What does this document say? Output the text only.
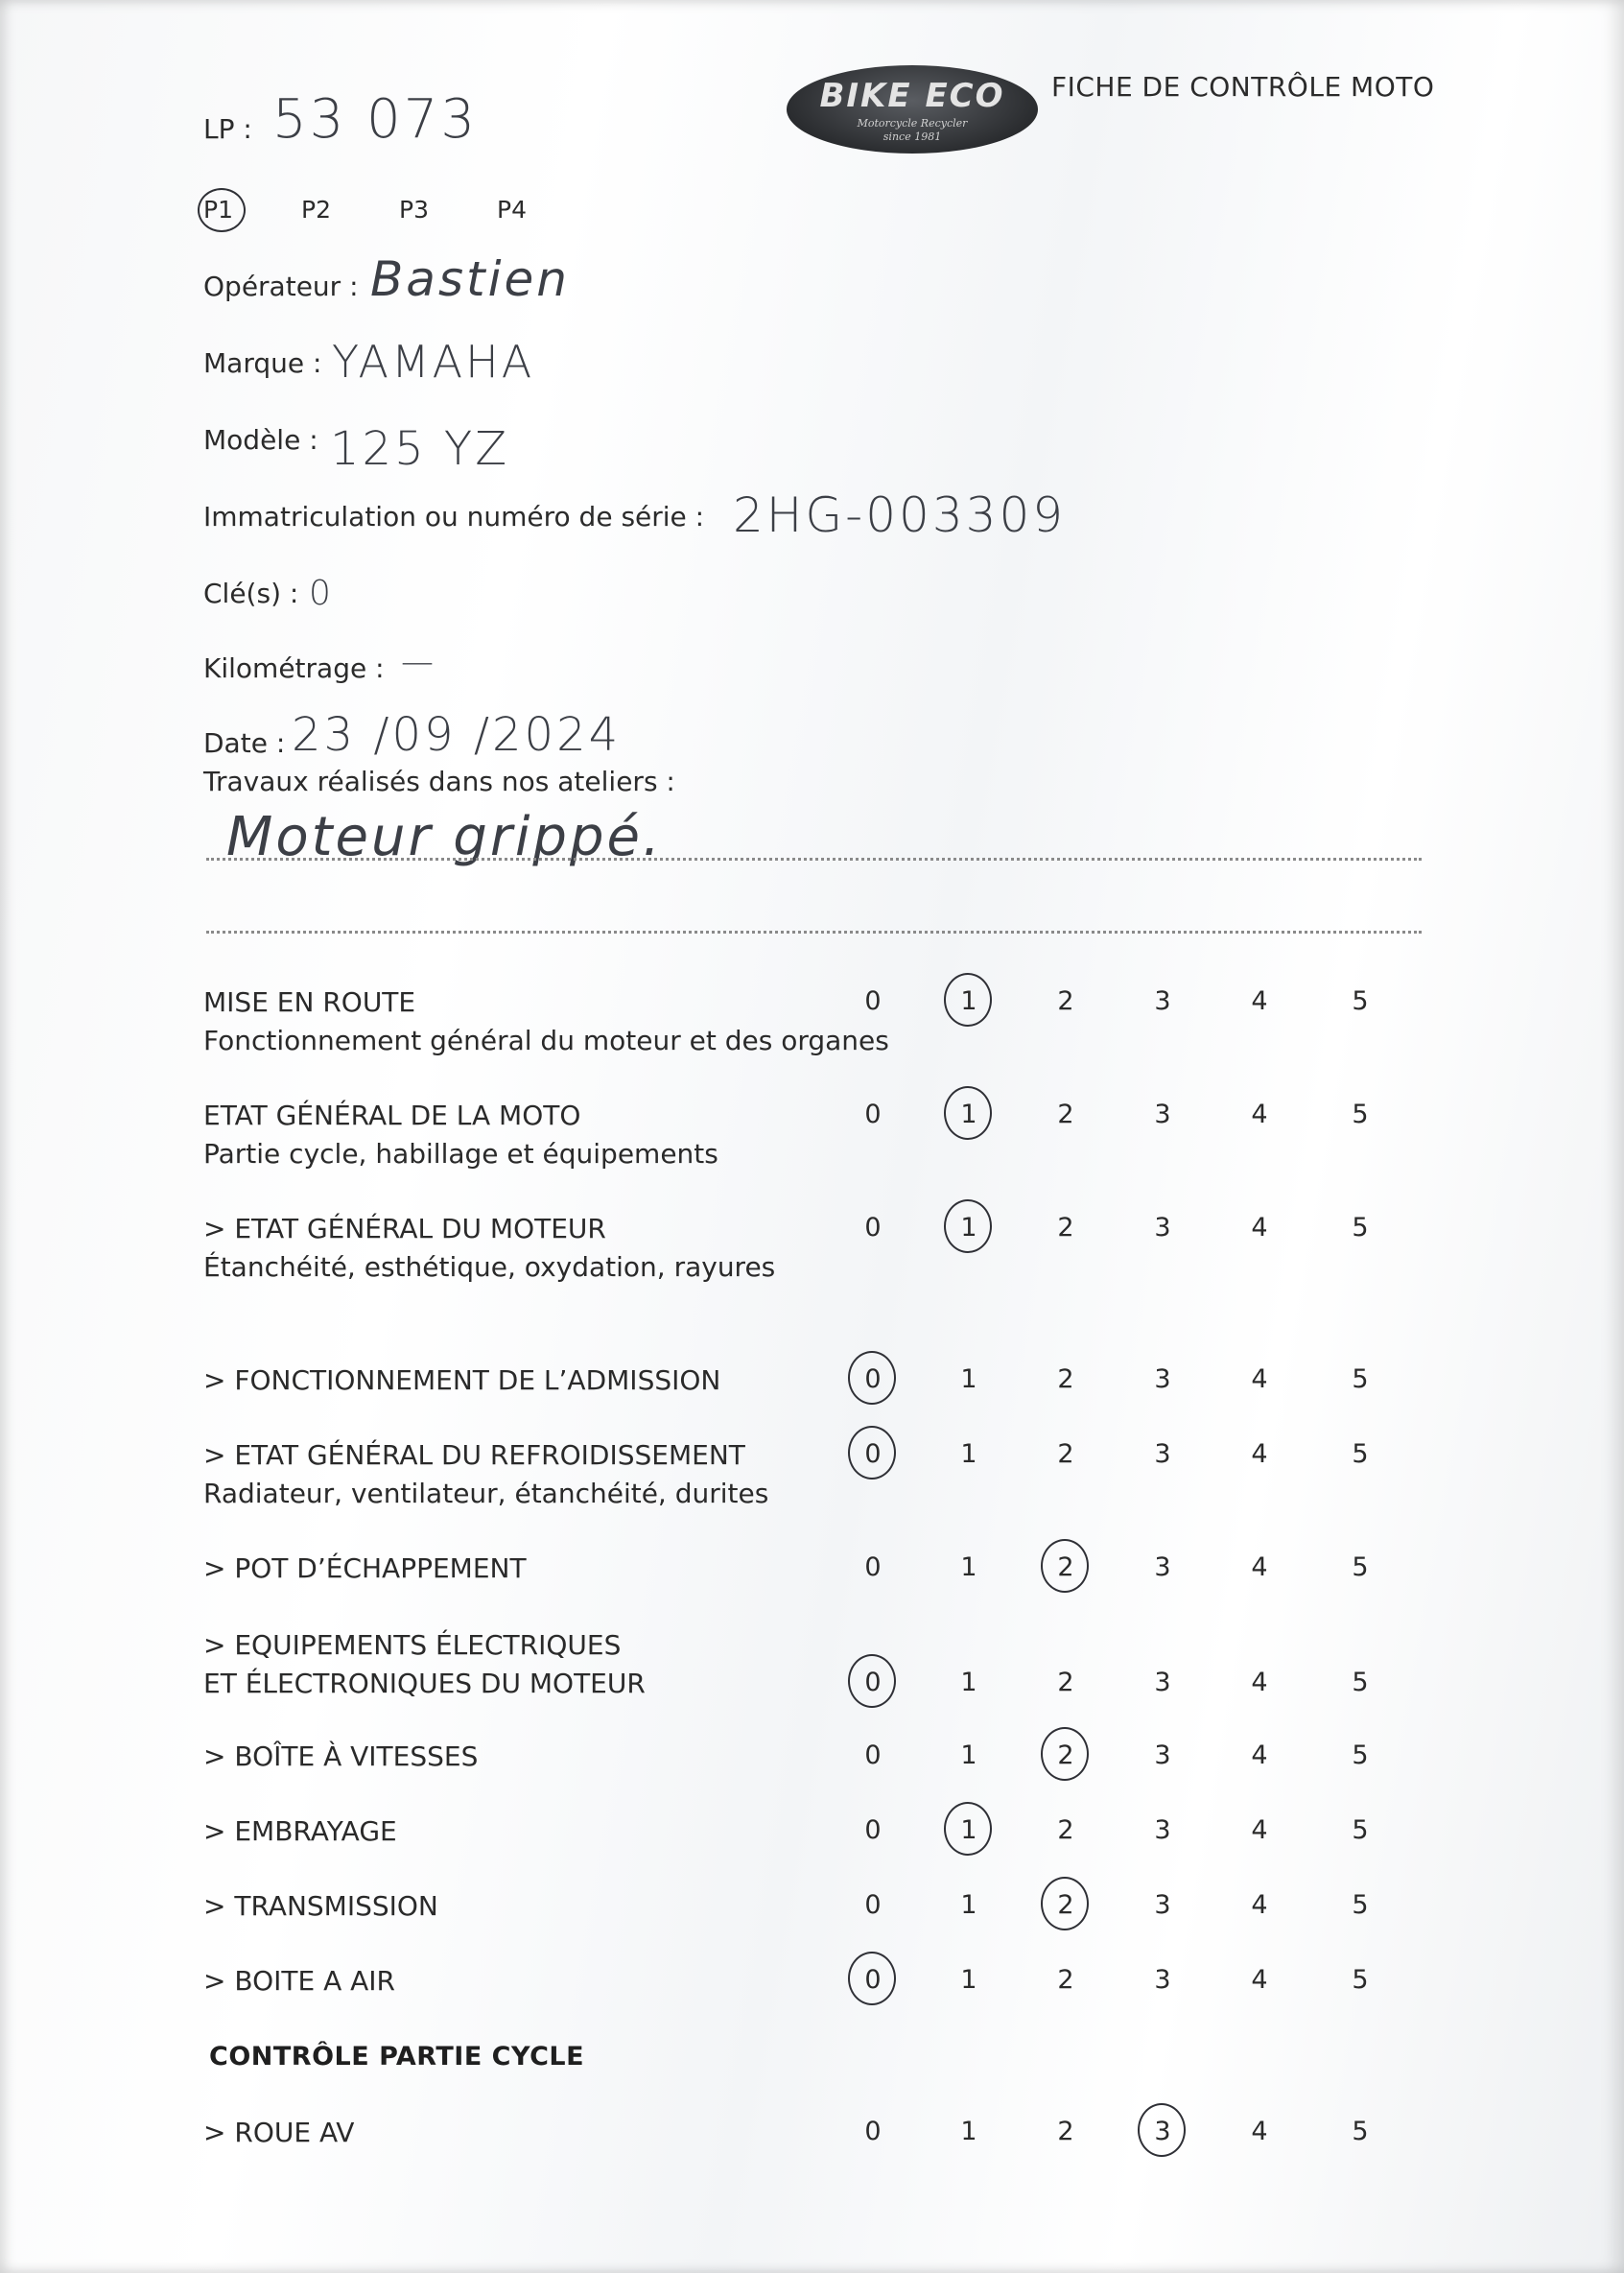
BIKE ECO
Motorcycle Recycler
since 1981
FICHE DE CONTRÔLE MOTO
LP : 53 073
P1	P2	P3	P4
Opérateur : Bastien
Marque : YAMAHA
Modèle : 125 YZ
Immatriculation ou numéro de série : 2HG-003309
Clé(s) : 0
Kilométrage : —
Date : 23 /09 /2024
Travaux réalisés dans nos ateliers :
Moteur grippé.
MISE EN ROUTE
Fonctionnement général du moteur et des organes
0	1	2	3	4	5
ETAT GÉNÉRAL DE LA MOTO
Partie cycle, habillage et équipements
0	1	2	3	4	5
> ETAT GÉNÉRAL DU MOTEUR
Étanchéité, esthétique, oxydation, rayures
0	1	2	3	4	5
> FONCTIONNEMENT DE L’ADMISSION	0	1	2	3	4	5
> ETAT GÉNÉRAL DU REFROIDISSEMENT
Radiateur, ventilateur, étanchéité, durites
0	1	2	3	4	5
> POT D’ÉCHAPPEMENT	0	1	2	3	4	5
> EQUIPEMENTS ÉLECTRIQUES
ET ÉLECTRONIQUES DU MOTEUR	0	1	2	3	4	5
> BOÎTE À VITESSES	0	1	2	3	4	5
> EMBRAYAGE	0	1	2	3	4	5
> TRANSMISSION	0	1	2	3	4	5
> BOITE A AIR	0	1	2	3	4	5
CONTRÔLE PARTIE CYCLE
> ROUE AV	0	1	2	3	4	5
